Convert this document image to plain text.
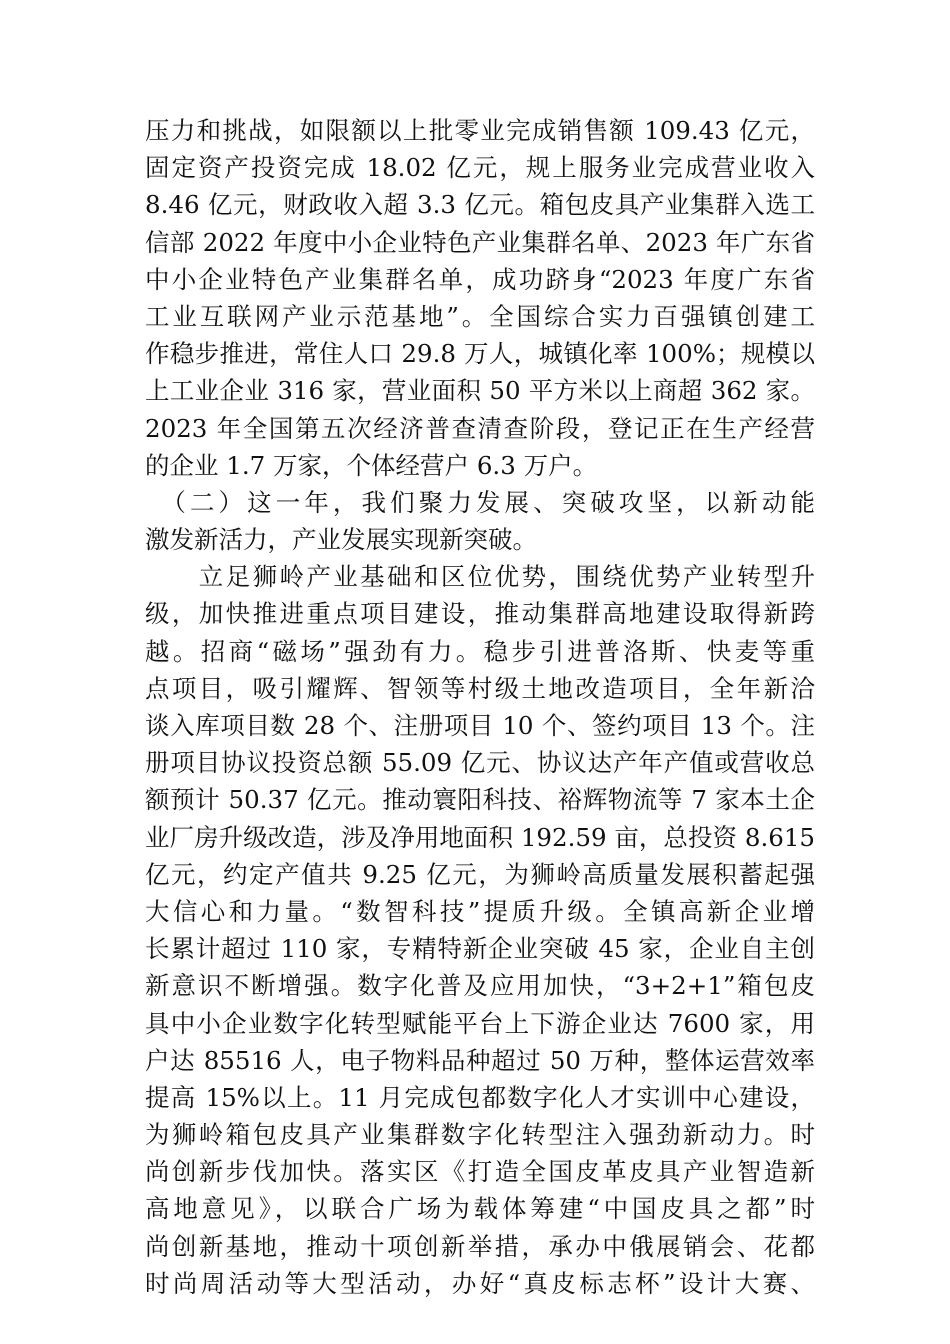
压力和挑战，如限额以上批零业完成销售额 109.43 亿元，
固定资产投资完成 18.02 亿元，规上服务业完成营业收入
8.46 亿元，财政收入超 3.3 亿元。箱包皮具产业集群入选工
信部 2022 年度中小企业特色产业集群名单、2023 年广东省
中小企业特色产业集群名单，成功跻身“2023 年度广东省
工业互联网产业示范基地”。全国综合实力百强镇创建工
作稳步推进，常住人口 29.8 万人，城镇化率 100%；规模以
上工业企业 316 家，营业面积 50 平方米以上商超 362 家。
2023 年全国第五次经济普查清查阶段，登记正在生产经营
的企业 1.7 万家，个体经营户 6.3 万户。
　（二）这一年，我们聚力发展、突破攻坚，以新动能
激发新活力，产业发展实现新突破。
　　立足狮岭产业基础和区位优势，围绕优势产业转型升
级，加快推进重点项目建设，推动集群高地建设取得新跨
越。招商“磁场”强劲有力。稳步引进普洛斯、快麦等重
点项目，吸引耀辉、智领等村级土地改造项目，全年新洽
谈入库项目数 28 个、注册项目 10 个、签约项目 13 个。注
册项目协议投资总额 55.09 亿元、协议达产年产值或营收总
额预计 50.37 亿元。推动寰阳科技、裕辉物流等 7 家本土企
业厂房升级改造，涉及净用地面积 192.59 亩，总投资 8.615
亿元，约定产值共 9.25 亿元，为狮岭高质量发展积蓄起强
大信心和力量。“数智科技”提质升级。全镇高新企业增
长累计超过 110 家，专精特新企业突破 45 家，企业自主创
新意识不断增强。数字化普及应用加快，“3+2+1”箱包皮
具中小企业数字化转型赋能平台上下游企业达 7600 家，用
户达 85516 人，电子物料品种超过 50 万种，整体运营效率
提高 15%以上。11 月完成包都数字化人才实训中心建设，
为狮岭箱包皮具产业集群数字化转型注入强劲新动力。时
尚创新步伐加快。落实区《打造全国皮革皮具产业智造新
高地意见》，以联合广场为载体筹建“中国皮具之都”时
尚创新基地，推动十项创新举措，承办中俄展销会、花都
时尚周活动等大型活动，办好“真皮标志杯”设计大赛、
